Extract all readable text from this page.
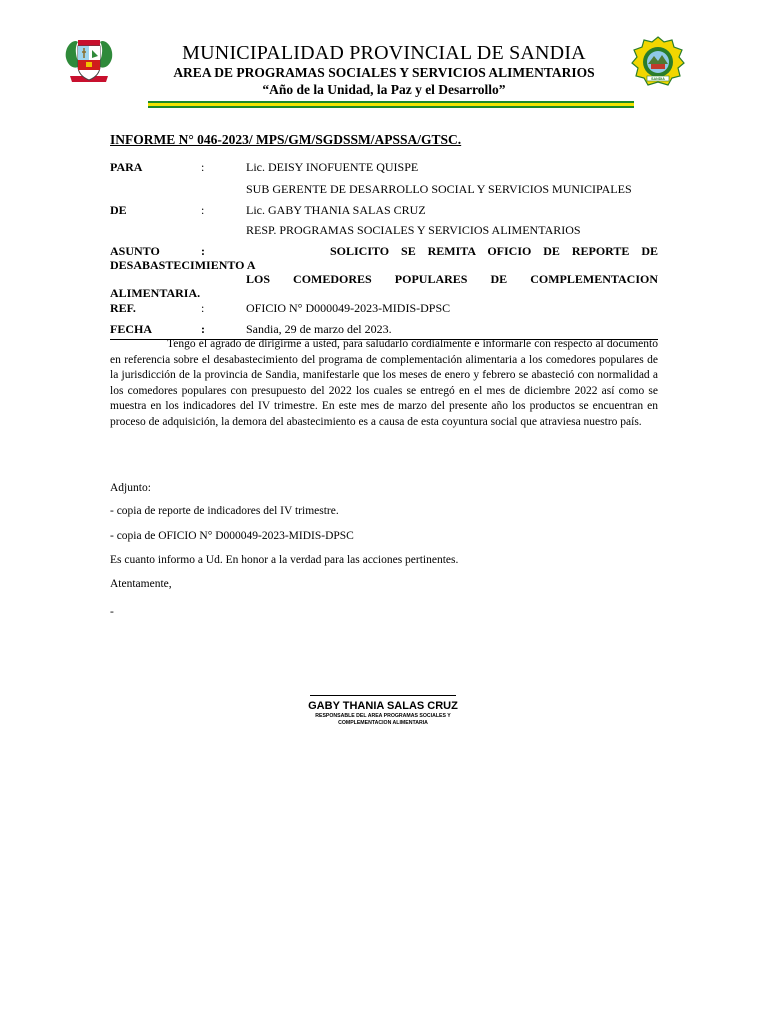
SANDIA
MUNICIPALIDAD PROVINCIAL DE SANDIA
AREA DE PROGRAMAS SOCIALES Y SERVICIOS ALIMENTARIOS
“Año de la Unidad, la Paz y el Desarrollo”
INFORME N° 046-2023/ MPS/GM/SGDSSM/APSSA/GTSC.
PARA	:	Lic. DEISY INOFUENTE QUISPE
SUB GERENTE DE DESARROLLO SOCIAL Y SERVICIOS MUNICIPALES
DE	:	Lic. GABY THANIA SALAS CRUZ
RESP. PROGRAMAS SOCIALES Y SERVICIOS ALIMENTARIOS
ASUNTO	:	SOLICITO SE REMITA OFICIO DE REPORTE DE
DESABASTECIMIENTO A
LOS COMEDORES POPULARES DE COMPLEMENTACION
ALIMENTARIA.
REF.	:	OFICIO N° D000049-2023-MIDIS-DPSC
FECHA	:	Sandia, 29 de marzo del 2023.
Tengo el agrado de dirigirme a usted, para saludarlo cordialmente e informarle con respecto al documento en referencia sobre el desabastecimiento del programa de complementación alimentaria a los comedores populares de la jurisdicción de la provincia de Sandia, manifestarle que los meses de enero y febrero se abasteció con normalidad a los comedores populares con presupuesto del 2022 los cuales se entregó en el mes de diciembre 2022 así como se muestra en los indicadores del IV trimestre. En este mes de marzo del presente año los productos se encuentran en proceso de adquisición, la demora del abastecimiento es a causa de esta coyuntura social que atraviesa nuestro país.
Adjunto:
- copia de reporte de indicadores del IV trimestre.
- copia de OFICIO N° D000049-2023-MIDIS-DPSC
Es cuanto informo a Ud. En honor a la verdad para las acciones pertinentes.
Atentamente,
-
GABY THANIA SALAS CRUZ
RESPONSABLE DEL AREA PROGRAMAS SOCIALES Y
COMPLEMENTACION ALIMENTARIA
